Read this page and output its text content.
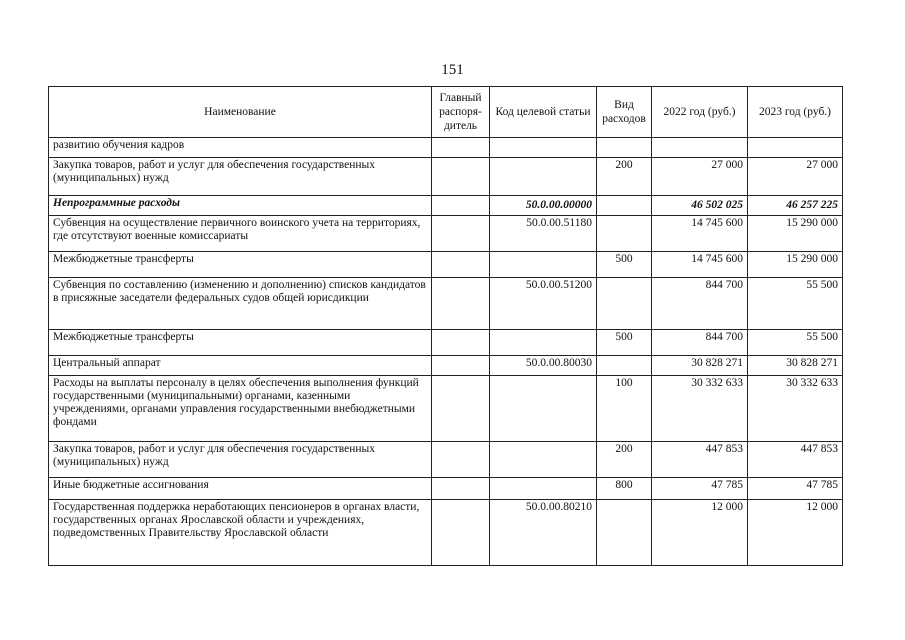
151
Наименование	Главный распоря-дитель	Код целевой статьи	Вид расходов	2022 год (руб.)	2023 год (руб.)
развитию обучения кадров					
Закупка товаров, работ и услуг для обеспечения государственных (муниципальных) нужд			200	27 000	27 000
Непрограммные расходы		50.0.00.00000		46 502 025	46 257 225
Субвенция на осуществление первичного воинского учета на территориях, где отсутствуют военные комиссариаты		50.0.00.51180		14 745 600	15 290 000
Межбюджетные трансферты			500	14 745 600	15 290 000
Субвенция по составлению (изменению и дополнению) списков кандидатов в присяжные заседатели федеральных судов общей юрисдикции		50.0.00.51200		844 700	55 500
Межбюджетные трансферты			500	844 700	55 500
Центральный аппарат		50.0.00.80030		30 828 271	30 828 271
Расходы на выплаты персоналу в целях обеспечения выполнения функций государственными (муниципальными) органами, казенными учреждениями, органами управления государственными внебюджетными фондами			100	30 332 633	30 332 633
Закупка товаров, работ и услуг для обеспечения государственных (муниципальных) нужд			200	447 853	447 853
Иные бюджетные ассигнования			800	47 785	47 785
Государственная поддержка неработающих пенсионеров в органах власти, государственных органах Ярославской области и учреждениях, подведомственных Правительству Ярославской области		50.0.00.80210		12 000	12 000
